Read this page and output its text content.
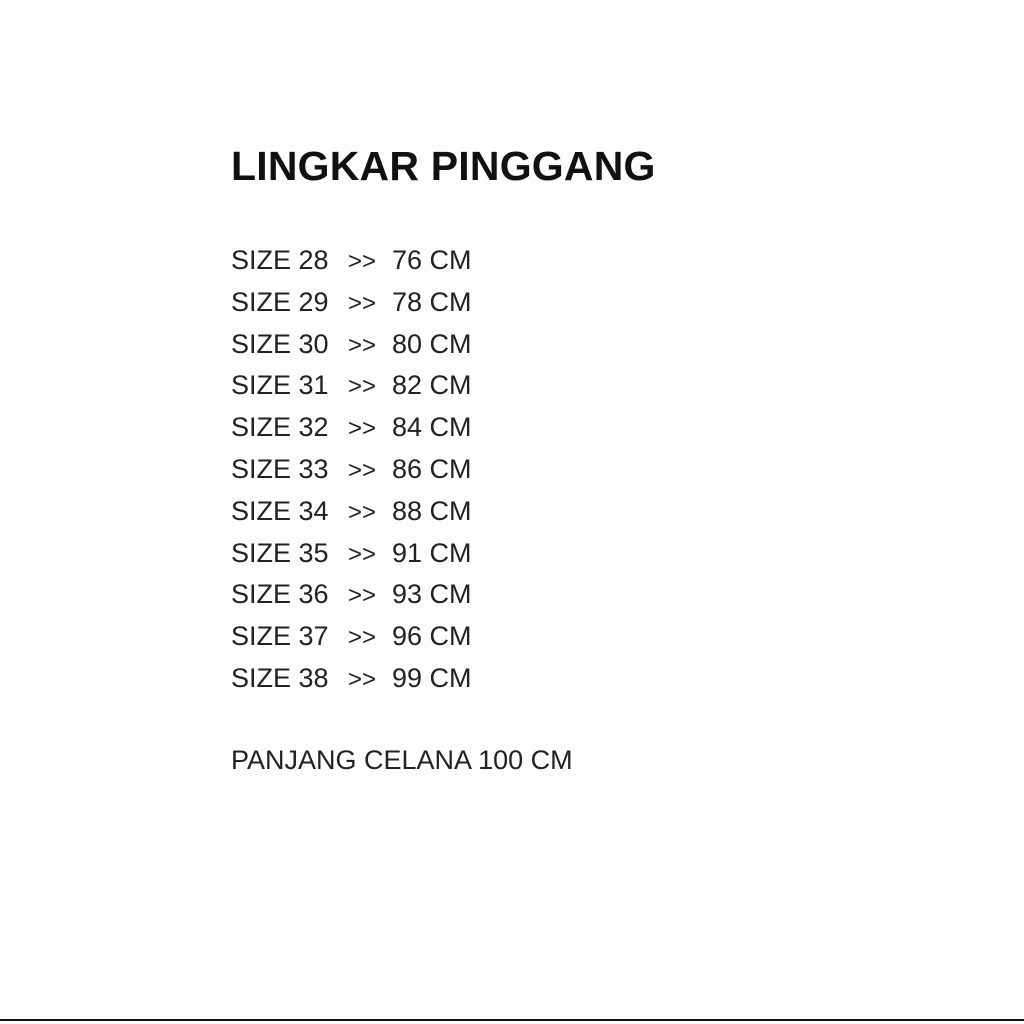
LINGKAR PINGGANG
SIZE 28 >> 76 CM
SIZE 29 >> 78 CM
SIZE 30 >> 80 CM
SIZE 31 >> 82 CM
SIZE 32 >> 84 CM
SIZE 33 >> 86 CM
SIZE 34 >> 88 CM
SIZE 35 >> 91 CM
SIZE 36 >> 93 CM
SIZE 37 >> 96 CM
SIZE 38 >> 99 CM
PANJANG CELANA 100 CM
